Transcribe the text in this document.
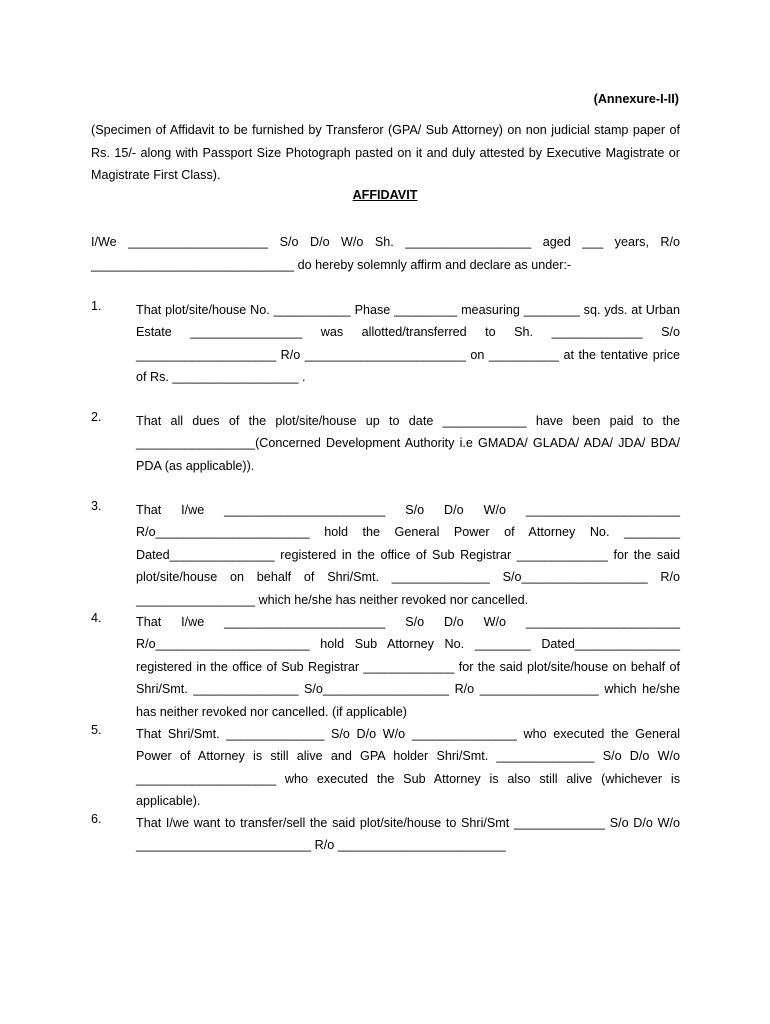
(Annexure-I-II)
(Specimen of Affidavit to be furnished by Transferor (GPA/ Sub Attorney) on non judicial stamp paper of Rs. 15/- along with Passport Size Photograph pasted on it and duly attested by Executive Magistrate or Magistrate First Class).
AFFIDAVIT
I/We ____________________ S/o D/o W/o Sh. __________________ aged ___ years, R/o
_____________________________ do hereby solemnly affirm and declare as under:-
1.	That plot/site/house No. ___________ Phase _________ measuring ________ sq. yds. at Urban Estate ________________ was allotted/transferred to Sh. _____________ S/o ____________________ R/o _______________________ on __________ at the tentative price of Rs. __________________ .
2.	That all dues of the plot/site/house up to date ____________ have been paid to the _________________(Concerned Development Authority i.e GMADA/ GLADA/ ADA/ JDA/ BDA/ PDA (as applicable)).
3.	That I/we _______________________ S/o D/o W/o ______________________ R/o______________________ hold the General Power of Attorney No. ________ Dated_______________ registered in the office of Sub Registrar _____________ for the said plot/site/house on behalf of Shri/Smt. ______________ S/o__________________ R/o _________________ which he/she has neither revoked nor cancelled.
4.	That I/we _______________________ S/o D/o W/o ______________________ R/o______________________ hold Sub Attorney No. ________ Dated_______________ registered in the office of Sub Registrar _____________ for the said plot/site/house on behalf of Shri/Smt. _______________ S/o__________________ R/o _________________ which he/she has neither revoked nor cancelled. (if applicable)
5.	That Shri/Smt. ______________ S/o D/o W/o _______________ who executed the General Power of Attorney is still alive and GPA holder Shri/Smt. ______________ S/o D/o W/o ____________________ who executed the Sub Attorney is also still alive (whichever is applicable).
6.	That I/we want to transfer/sell the said plot/site/house to Shri/Smt _____________ S/o D/o W/o _________________________ R/o ________________________
